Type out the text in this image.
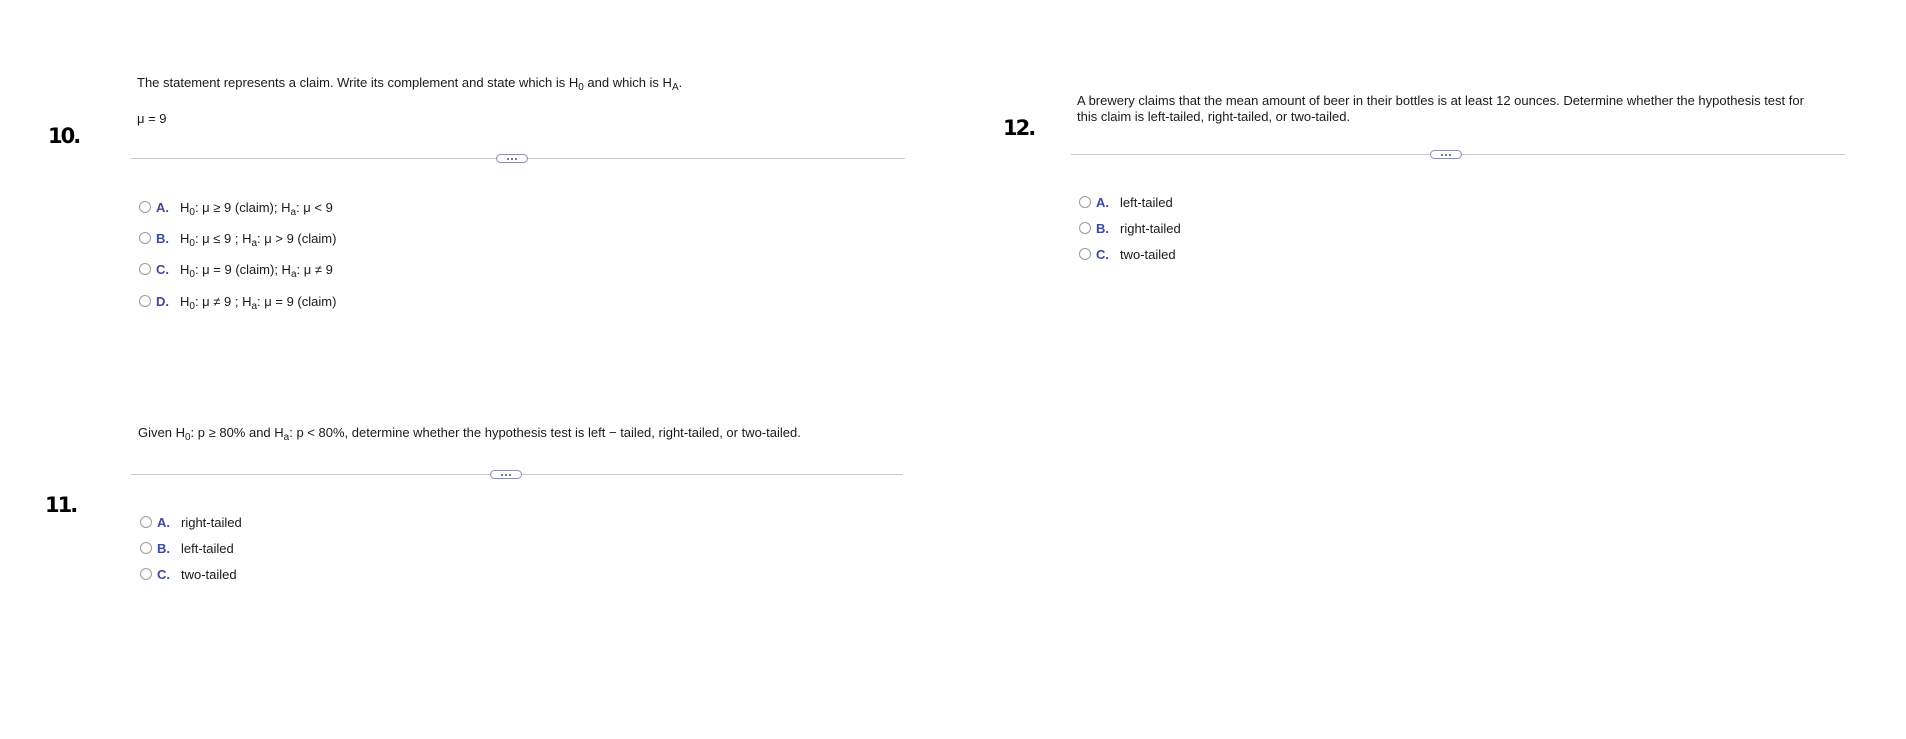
10.
The statement represents a claim. Write its complement and state which is $H_0$ and which is $H_A$.
μ = 9
A. $H_0$: μ ≥ 9 (claim); $H_a$: μ < 9
B. $H_0$: μ ≤ 9 ; $H_a$: μ > 9 (claim)
C. $H_0$: μ = 9 (claim); $H_a$: μ ≠ 9
D. $H_0$: μ ≠ 9 ; $H_a$: μ = 9 (claim)
11.
Given $H_0$: p ≥ 80% and $H_a$: p < 80%, determine whether the hypothesis test is left − tailed, right-tailed, or two-tailed.
A. right-tailed
B. left-tailed
C. two-tailed
12.
A brewery claims that the mean amount of beer in their bottles is at least 12 ounces. Determine whether the hypothesis test for
this claim is left-tailed, right-tailed, or two-tailed.
A. left-tailed
B. right-tailed
C. two-tailed
